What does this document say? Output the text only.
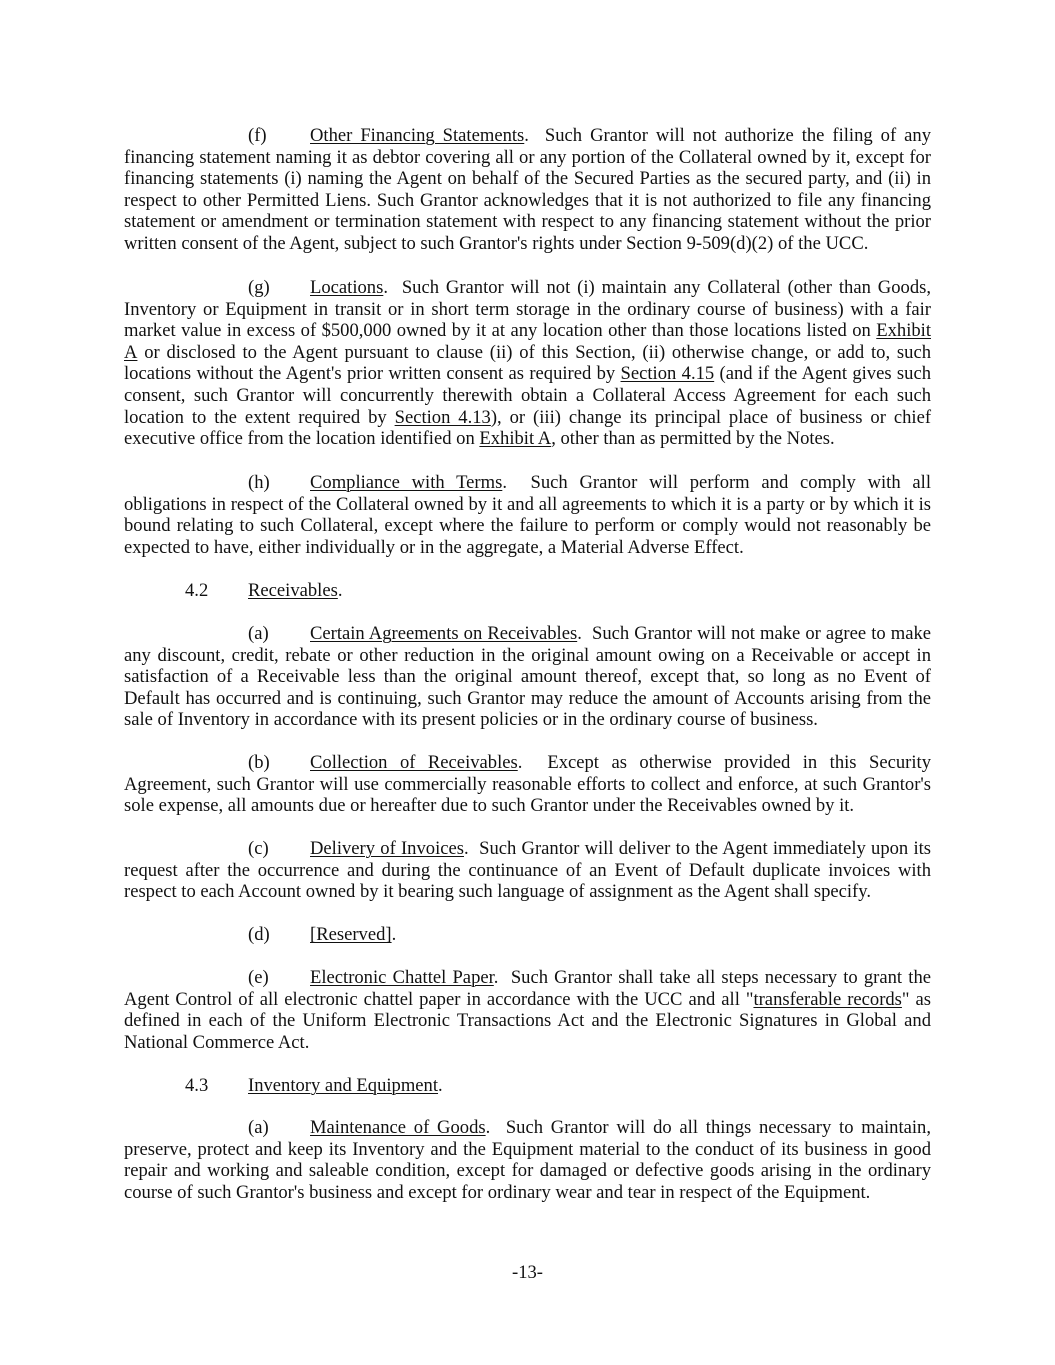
(f) Other Financing Statements. Such Grantor will not authorize the filing of any financing statement naming it as debtor covering all or any portion of the Collateral owned by it, except for financing statements (i) naming the Agent on behalf of the Secured Parties as the secured party, and (ii) in respect to other Permitted Liens. Such Grantor acknowledges that it is not authorized to file any financing statement or amendment or termination statement with respect to any financing statement without the prior written consent of the Agent, subject to such Grantor's rights under Section 9-509(d)(2) of the UCC.

(g) Locations. Such Grantor will not (i) maintain any Collateral (other than Goods, Inventory or Equipment in transit or in short term storage in the ordinary course of business) with a fair market value in excess of $500,000 owned by it at any location other than those locations listed on Exhibit A or disclosed to the Agent pursuant to clause (ii) of this Section, (ii) otherwise change, or add to, such locations without the Agent's prior written consent as required by Section 4.15 (and if the Agent gives such consent, such Grantor will concurrently therewith obtain a Collateral Access Agreement for each such location to the extent required by Section 4.13), or (iii) change its principal place of business or chief executive office from the location identified on Exhibit A, other than as permitted by the Notes.

(h) Compliance with Terms. Such Grantor will perform and comply with all obligations in respect of the Collateral owned by it and all agreements to which it is a party or by which it is bound relating to such Collateral, except where the failure to perform or comply would not reasonably be expected to have, either individually or in the aggregate, a Material Adverse Effect.

4.2 Receivables.

(a) Certain Agreements on Receivables. Such Grantor will not make or agree to make any discount, credit, rebate or other reduction in the original amount owing on a Receivable or accept in satisfaction of a Receivable less than the original amount thereof, except that, so long as no Event of Default has occurred and is continuing, such Grantor may reduce the amount of Accounts arising from the sale of Inventory in accordance with its present policies or in the ordinary course of business.

(b) Collection of Receivables. Except as otherwise provided in this Security Agreement, such Grantor will use commercially reasonable efforts to collect and enforce, at such Grantor's sole expense, all amounts due or hereafter due to such Grantor under the Receivables owned by it.

(c) Delivery of Invoices. Such Grantor will deliver to the Agent immediately upon its request after the occurrence and during the continuance of an Event of Default duplicate invoices with respect to each Account owned by it bearing such language of assignment as the Agent shall specify.

(d) [Reserved].

(e) Electronic Chattel Paper. Such Grantor shall take all steps necessary to grant the Agent Control of all electronic chattel paper in accordance with the UCC and all "transferable records" as defined in each of the Uniform Electronic Transactions Act and the Electronic Signatures in Global and National Commerce Act.

4.3 Inventory and Equipment.

(a) Maintenance of Goods. Such Grantor will do all things necessary to maintain, preserve, protect and keep its Inventory and the Equipment material to the conduct of its business in good repair and working and saleable condition, except for damaged or defective goods arising in the ordinary course of such Grantor's business and except for ordinary wear and tear in respect of the Equipment.

-13-
